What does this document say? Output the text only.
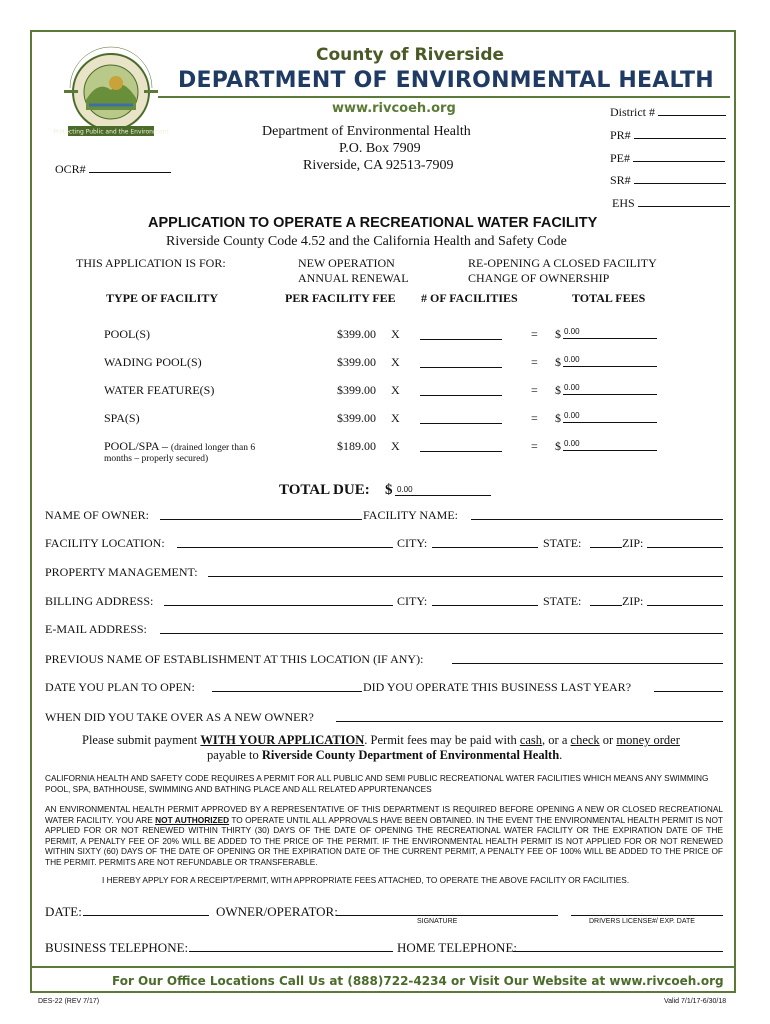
Protecting Public and the Environment
County of Riverside
DEPARTMENT OF ENVIRONMENTAL HEALTH
www.rivcoeh.org
Department of Environmental Health
P.O. Box 7909
Riverside, CA 92513-7909
OCR#
District #
PR#
PE#
SR#
EHS
APPLICATION TO OPERATE A RECREATIONAL WATER FACILITY
Riverside County Code 4.52 and the California Health and Safety Code
THIS APPLICATION IS FOR:	NEW OPERATION
ANNUAL RENEWAL
RE-OPENING A CLOSED FACILITY
CHANGE OF OWNERSHIP
TYPE OF FACILITY	PER FACILITY FEE # OF FACILITIES	TOTAL FEES
POOL(S)	$399.00 X	= $ 0.00
WADING POOL(S)	$399.00 X	= $ 0.00
WATER FEATURE(S)	$399.00 X	= $ 0.00
SPA(S)	$399.00 X	= $ 0.00
POOL/SPA – (drained longer than 6
months – properly secured)
$189.00 X	= $ 0.00
TOTAL DUE: $ 0.00
NAME OF OWNER:	FACILITY NAME:
FACILITY LOCATION:	CITY:	STATE:	ZIP:
PROPERTY MANAGEMENT:
BILLING ADDRESS:	CITY:	STATE:	ZIP:
E-MAIL ADDRESS:
PREVIOUS NAME OF ESTABLISHMENT AT THIS LOCATION (IF ANY):
DATE YOU PLAN TO OPEN:	DID YOU OPERATE THIS BUSINESS LAST YEAR?
WHEN DID YOU TAKE OVER AS A NEW OWNER?
Please submit payment WITH YOUR APPLICATION. Permit fees may be paid with cash, or a check or money order
payable to Riverside County Department of Environmental Health.
CALIFORNIA HEALTH AND SAFETY CODE REQUIRES A PERMIT FOR ALL PUBLIC AND SEMI PUBLIC RECREATIONAL WATER FACILITIES WHICH MEANS ANY SWIMMING POOL, SPA, BATHHOUSE, SWIMMING AND BATHING PLACE AND ALL RELATED APPURTENANCES
AN ENVIRONMENTAL HEALTH PERMIT APPROVED BY A REPRESENTATIVE OF THIS DEPARTMENT IS REQUIRED BEFORE OPENING A NEW OR CLOSED RECREATIONAL WATER FACILITY. YOU ARE NOT AUTHORIZED TO OPERATE UNTIL ALL APPROVALS HAVE BEEN OBTAINED. IN THE EVENT THE ENVIRONMENTAL HEALTH PERMIT IS NOT APPLIED FOR OR NOT RENEWED WITHIN THIRTY (30) DAYS OF THE DATE OF OPENING THE RECREATIONAL WATER FACILITY OR THE EXPIRATION DATE OF THE PERMIT, A PENALTY FEE OF 20% WILL BE ADDED TO THE PRICE OF THE PERMIT. IF THE ENVIRONMENTAL HEALTH PERMIT IS NOT APPLIED FOR OR NOT RENEWED WITHIN SIXTY (60) DAYS OF THE DATE OF OPENING OR THE EXPIRATION DATE OF THE CURRENT PERMIT, A PENALTY FEE OF 100% WILL BE ADDED TO THE PRICE OF THE PERMIT. PERMITS ARE NOT REFUNDABLE OR TRANSFERABLE.
I HEREBY APPLY FOR A RECEIPT/PERMIT, WITH APPROPRIATE FEES ATTACHED, TO OPERATE THE ABOVE FACILITY OR FACILITIES.
DATE:	OWNER/OPERATOR:
SIGNATURE	DRIVERS LICENSE#/ EXP. DATE
BUSINESS TELEPHONE:	HOME TELEPHONE:
For Our Office Locations Call Us at (888)722-4234 or Visit Our Website at www.rivcoeh.org
DES-22 (REV 7/17)	Valid 7/1/17-6/30/18
